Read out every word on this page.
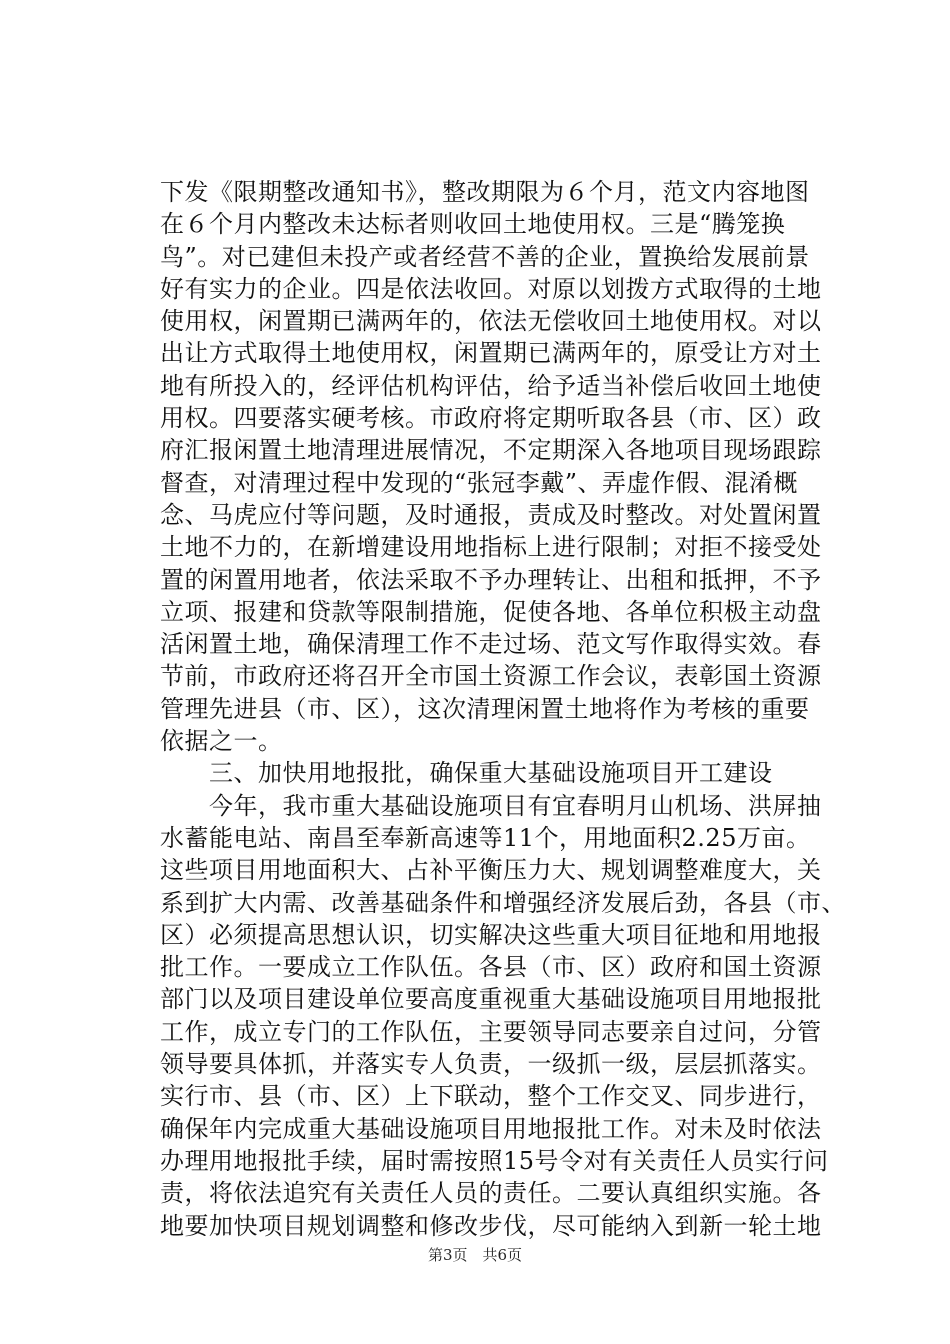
下发《限期整改通知书》，整改期限为６个月，范文内容地图
在６个月内整改未达标者则收回土地使用权。三是“腾笼换
鸟”。对已建但未投产或者经营不善的企业，置换给发展前景
好有实力的企业。四是依法收回。对原以划拨方式取得的土地
使用权，闲置期已满两年的，依法无偿收回土地使用权。对以
出让方式取得土地使用权，闲置期已满两年的，原受让方对土
地有所投入的，经评估机构评估，给予适当补偿后收回土地使
用权。四要落实硬考核。市政府将定期听取各县（市、区）政
府汇报闲置土地清理进展情况，不定期深入各地项目现场跟踪
督查，对清理过程中发现的“张冠李戴”、弄虚作假、混淆概
念、马虎应付等问题，及时通报，责成及时整改。对处置闲置
土地不力的，在新增建设用地指标上进行限制；对拒不接受处
置的闲置用地者，依法采取不予办理转让、出租和抵押，不予
立项、报建和贷款等限制措施，促使各地、各单位积极主动盘
活闲置土地，确保清理工作不走过场、范文写作取得实效。春
节前，市政府还将召开全市国土资源工作会议，表彰国土资源
管理先进县（市、区），这次清理闲置土地将作为考核的重要
依据之一。
　　三、加快用地报批，确保重大基础设施项目开工建设
　　今年，我市重大基础设施项目有宜春明月山机场、洪屏抽
水蓄能电站、南昌至奉新高速等11个，用地面积2.25万亩。
这些项目用地面积大、占补平衡压力大、规划调整难度大，关
系到扩大内需、改善基础条件和增强经济发展后劲，各县（市、
区）必须提高思想认识，切实解决这些重大项目征地和用地报
批工作。一要成立工作队伍。各县（市、区）政府和国土资源
部门以及项目建设单位要高度重视重大基础设施项目用地报批
工作，成立专门的工作队伍，主要领导同志要亲自过问，分管
领导要具体抓，并落实专人负责，一级抓一级，层层抓落实。
实行市、县（市、区）上下联动，整个工作交叉、同步进行，
确保年内完成重大基础设施项目用地报批工作。对未及时依法
办理用地报批手续，届时需按照15号令对有关责任人员实行问
责，将依法追究有关责任人员的责任。二要认真组织实施。各
地要加快项目规划调整和修改步伐，尽可能纳入到新一轮土地
第3页　共6页
